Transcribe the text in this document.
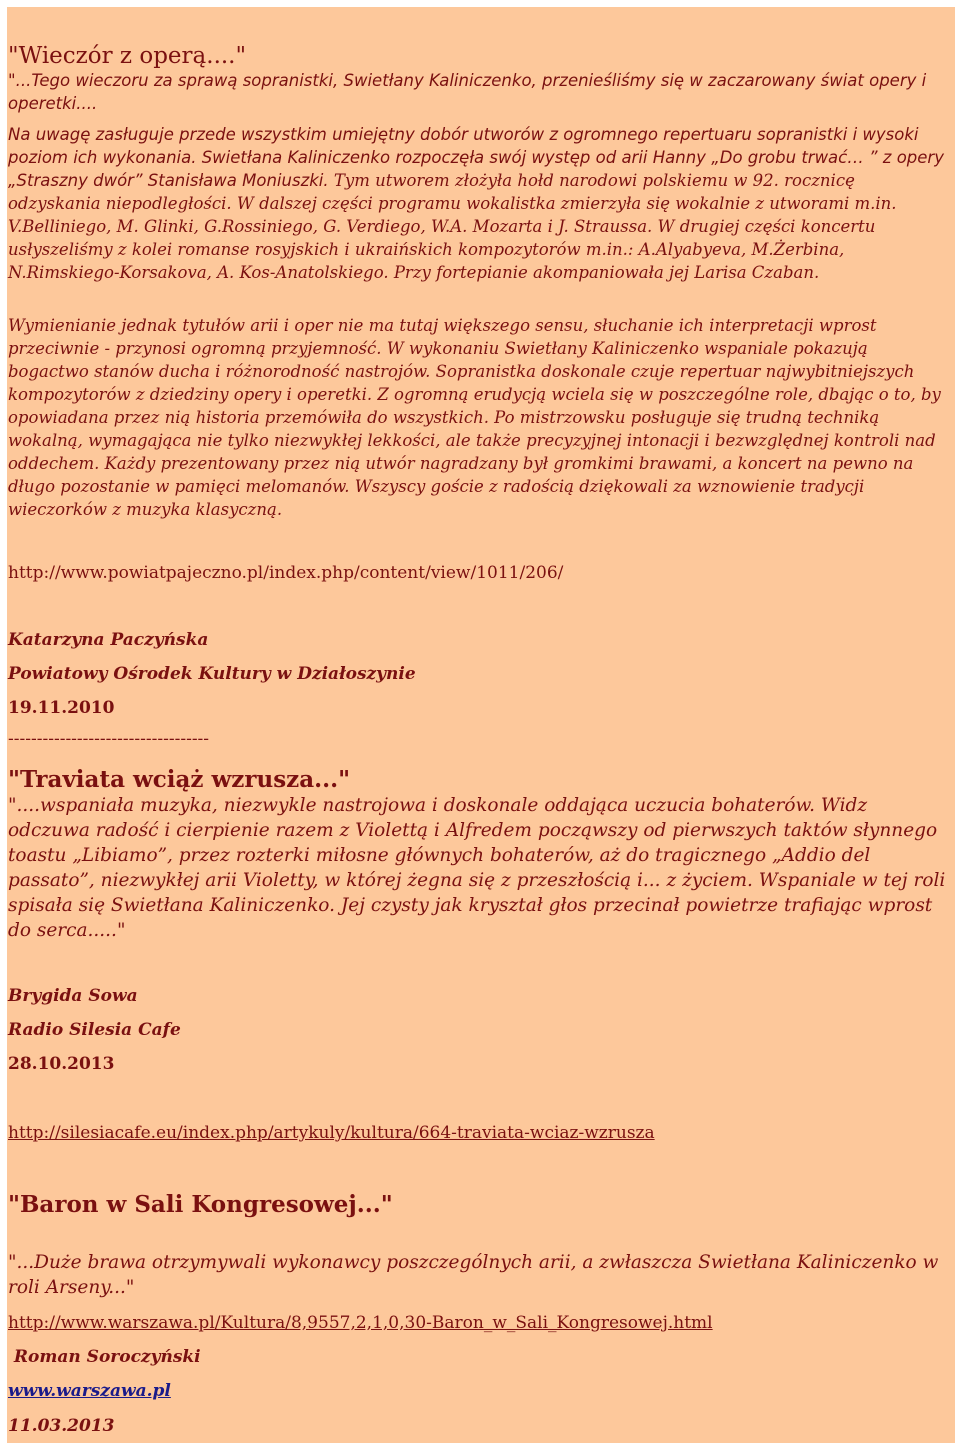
"Wieczór z operą...."
"...Tego wieczoru za sprawą sopranistki, Swietłany Kaliniczenko, przenieśliśmy się w zaczarowany świat opery i operetki....
Na uwagę zasługuje przede wszystkim umiejętny dobór utworów z ogromnego repertuaru sopranistki i wysoki poziom ich wykonania. Swietłana Kaliniczenko rozpoczęła swój występ od arii Hanny „Do grobu trwać… ” z opery „Straszny dwór” Stanisława Moniuszki. Tym utworem złożyła hołd narodowi polskiemu w 92. rocznicę odzyskania niepodległości. W dalszej części programu wokalistka zmierzyła się wokalnie z utworami m.in. V.Belliniego, M. Glinki, G.Rossiniego, G. Verdiego, W.A. Mozarta i J. Straussa. W drugiej części koncertu usłyszeliśmy z kolei romanse rosyjskich i ukraińskich kompozytorów m.in.: A.Alyabyeva, M.Żerbina, N.Rimskiego-Korsakova, A. Kos-Anatolskiego. Przy fortepianie akompaniowała jej Larisa Czaban.
Wymienianie jednak tytułów arii i oper nie ma tutaj większego sensu, słuchanie ich interpretacji wprost przeciwnie - przynosi ogromną przyjemność. W wykonaniu Swietłany Kaliniczenko wspaniale pokazują bogactwo stanów ducha i różnorodność nastrojów. Sopranistka doskonale czuje repertuar najwybitniejszych kompozytorów z dziedziny opery i operetki. Z ogromną erudycją wciela się w poszczególne role, dbając o to, by opowiadana przez nią historia przemówiła do wszystkich. Po mistrzowsku posługuje się trudną techniką wokalną, wymagająca nie tylko niezwykłej lekkości, ale także precyzyjnej intonacji i bezwzględnej kontroli nad oddechem. Każdy prezentowany przez nią utwór nagradzany był gromkimi brawami, a koncert na pewno na długo pozostanie w pamięci melomanów. Wszyscy goście z radością dziękowali za wznowienie tradycji wieczorków z muzyka klasyczną.
http://www.powiatpajeczno.pl/index.php/content/view/1011/206/
Katarzyna Paczyńska
Powiatowy Ośrodek Kultury w Działoszynie
19.11.2010
-----------------------------------
"Traviata wciąż wzrusza..."
"....wspaniała muzyka, niezwykle nastrojowa i doskonale oddająca uczucia bohaterów. Widz odczuwa radość i cierpienie razem z Violettą i Alfredem począwszy od pierwszych taktów słynnego toastu „Libiamo”, przez rozterki miłosne głównych bohaterów, aż do tragicznego „Addio del passato”, niezwykłej arii Violetty, w której żegna się z przeszłością i... z życiem. Wspaniale w tej roli spisała się Swietłana Kaliniczenko. Jej czysty jak kryształ głos przecinał powietrze trafiając wprost do serca....."
Brygida Sowa
Radio Silesia Cafe
28.10.2013
http://silesiacafe.eu/index.php/artykuly/kultura/664-traviata-wciaz-wzrusza
"Baron w Sali Kongresowej..."
"...Duże brawa otrzymywali wykonawcy poszczególnych arii, a zwłaszcza Swietłana Kaliniczenko w roli Arseny..."
http://www.warszawa.pl/Kultura/8,9557,2,1,0,30-Baron_w_Sali_Kongresowej.html
Roman Soroczyński
www.warszawa.pl
11.03.2013
